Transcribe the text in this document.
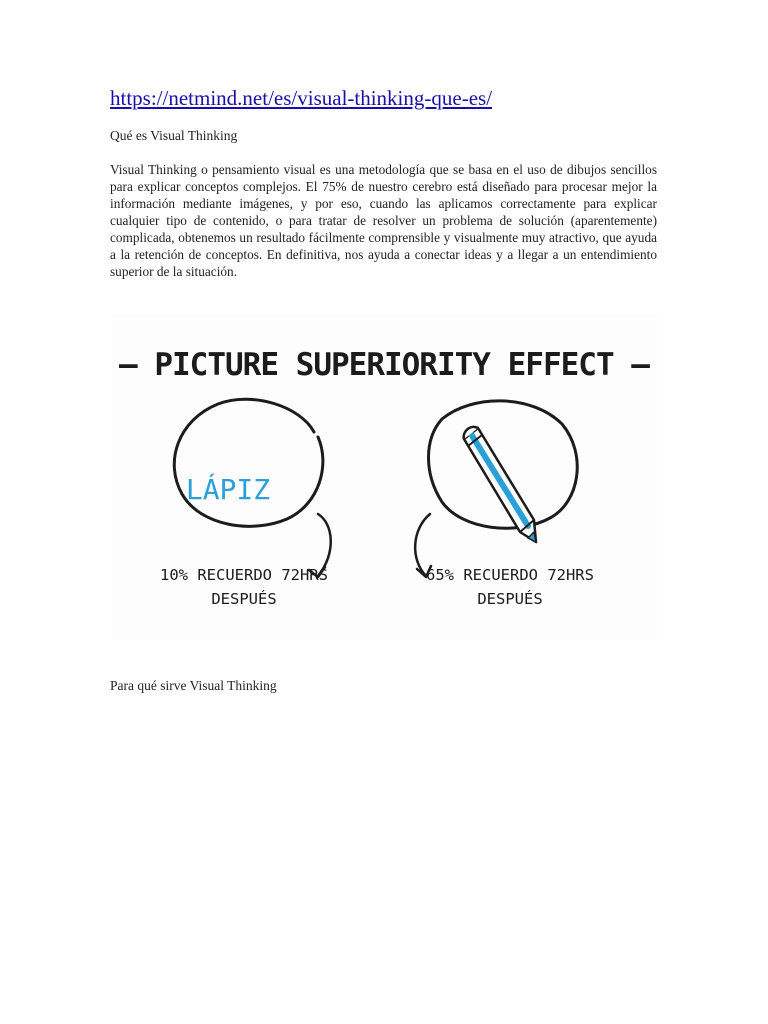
https://netmind.net/es/visual-thinking-que-es/
Qué es Visual Thinking
Visual Thinking o pensamiento visual es una metodología que se basa en el uso de dibujos sencillos para explicar conceptos complejos. El 75% de nuestro cerebro está diseñado para procesar mejor la información mediante imágenes, y por eso, cuando las aplicamos correctamente para explicar cualquier tipo de contenido, o para tratar de resolver un problema de solución (aparentemente) complicada, obtenemos un resultado fácilmente comprensible y visualmente muy atractivo, que ayuda a la retención de conceptos. En definitiva, nos ayuda a conectar ideas y a llegar a un entendimiento superior de la situación.
– PICTURE SUPERIORITY EFFECT –
LÁPIZ
10% RECUERDO 72HRS
DESPUÉS
65% RECUERDO 72HRS
DESPUÉS
Para qué sirve Visual Thinking
